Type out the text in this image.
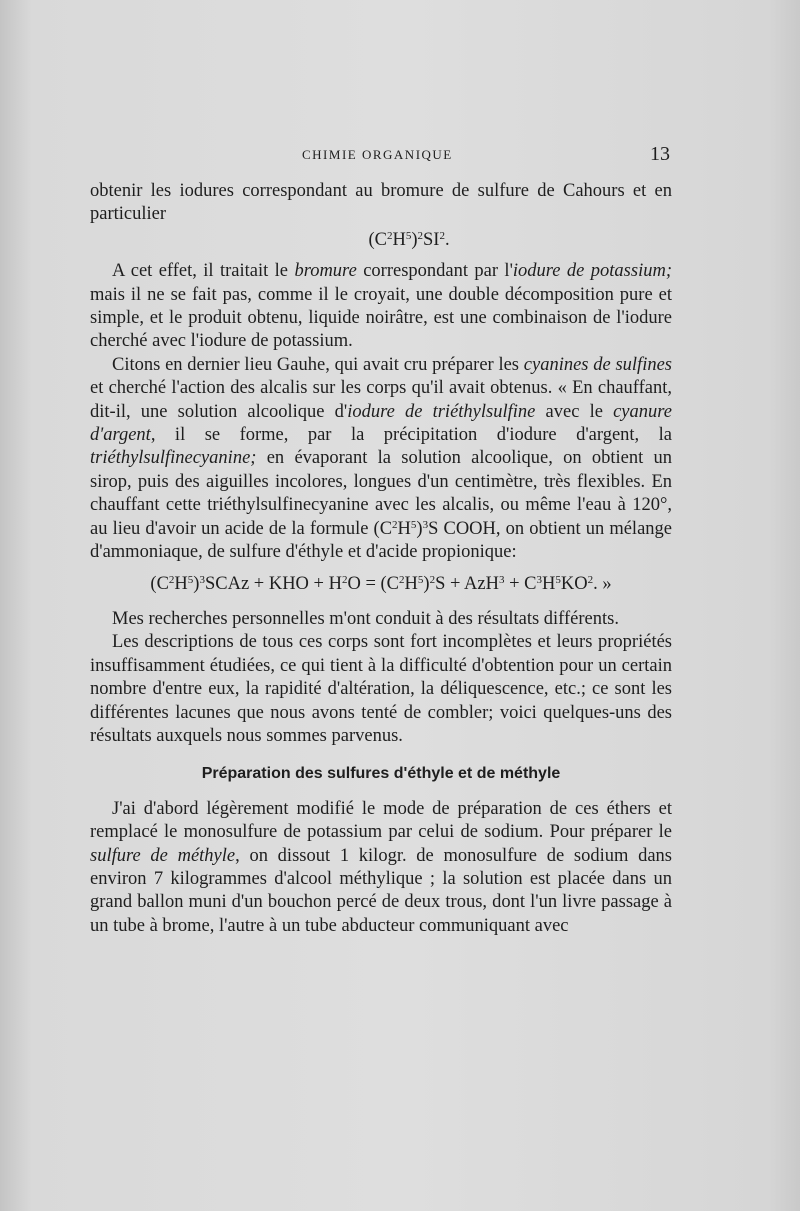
CHIMIE ORGANIQUE	13

obtenir les iodures correspondant au bromure de sulfure de Cahours et en particulier

$(C^2H^5)^2SI^2$.

A cet effet, il traitait le bromure correspondant par l'iodure de potassium; mais il ne se fait pas, comme il le croyait, une double décomposition pure et simple, et le produit obtenu, liquide noirâtre, est une combinaison de l'iodure cherché avec l'iodure de potassium.

Citons en dernier lieu Gauhe, qui avait cru préparer les cyanines de sulfines et cherché l'action des alcalis sur les corps qu'il avait obtenus. « En chauffant, dit-il, une solution alcoolique d'iodure de triéthylsulfine avec le cyanure d'argent, il se forme, par la précipitation d'iodure d'argent, la triéthylsulfinecyanine; en évaporant la solution alcoolique, on obtient un sirop, puis des aiguilles incolores, longues d'un centimètre, très flexibles. En chauffant cette triéthylsulfinecyanine avec les alcalis, ou même l'eau à 120°, au lieu d'avoir un acide de la formule $(C^2H^5)^3S$ COOH, on obtient un mélange d'ammoniaque, de sulfure d'éthyle et d'acide propionique:

$(C^2H^5)^3SCAz$ + KHO + $H^2O = (C^2H^5)^2S + AzH^3 + C^3H^5KO^2$. »

Mes recherches personnelles m'ont conduit à des résultats différents.

Les descriptions de tous ces corps sont fort incomplètes et leurs propriétés insuffisamment étudiées, ce qui tient à la difficulté d'obtention pour un certain nombre d'entre eux, la rapidité d'altération, la déliquescence, etc.; ce sont les différentes lacunes que nous avons tenté de combler; voici quelques-uns des résultats auxquels nous sommes parvenus.

Préparation des sulfures d'éthyle et de méthyle

J'ai d'abord légèrement modifié le mode de préparation de ces éthers et remplacé le monosulfure de potassium par celui de sodium. Pour préparer le sulfure de méthyle, on dissout 1 kilogr. de monosulfure de sodium dans environ 7 kilogrammes d'alcool méthylique ; la solution est placée dans un grand ballon muni d'un bouchon percé de deux trous, dont l'un livre passage à un tube à brome, l'autre à un tube abducteur communiquant avec
